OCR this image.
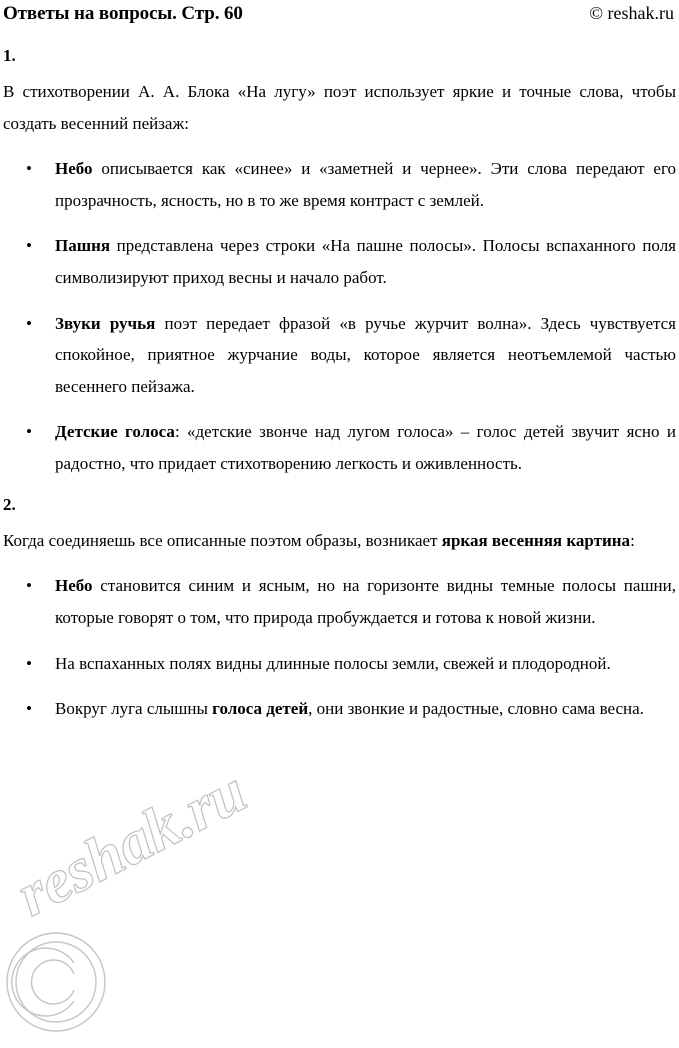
Ответы на вопросы. Стр. 60	© reshak.ru
1.

В стихотворении А. А. Блока «На лугу» поэт использует яркие и точные слова, чтобы создать весенний пейзаж:

• Небо описывается как «синее» и «заметней и чернее». Эти слова передают его прозрачность, ясность, но в то же время контраст с землей.
• Пашня представлена через строки «На пашне полосы». Полосы вспаханного поля символизируют приход весны и начало работ.
• Звуки ручья поэт передает фразой «в ручье журчит волна». Здесь чувствуется спокойное, приятное журчание воды, которое является неотъемлемой частью весеннего пейзажа.
• Детские голоса: «детские звонче над лугом голоса» – голос детей звучит ясно и радостно, что придает стихотворению легкость и оживленность.
2.

Когда соединяешь все описанные поэтом образы, возникает яркая весенняя картина:

• Небо становится синим и ясным, но на горизонте видны темные полосы пашни, которые говорят о том, что природа пробуждается и готова к новой жизни.
• На вспаханных полях видны длинные полосы земли, свежей и плодородной.
• Вокруг луга слышны голоса детей, они звонкие и радостные, словно сама весна.
reshak.ru
